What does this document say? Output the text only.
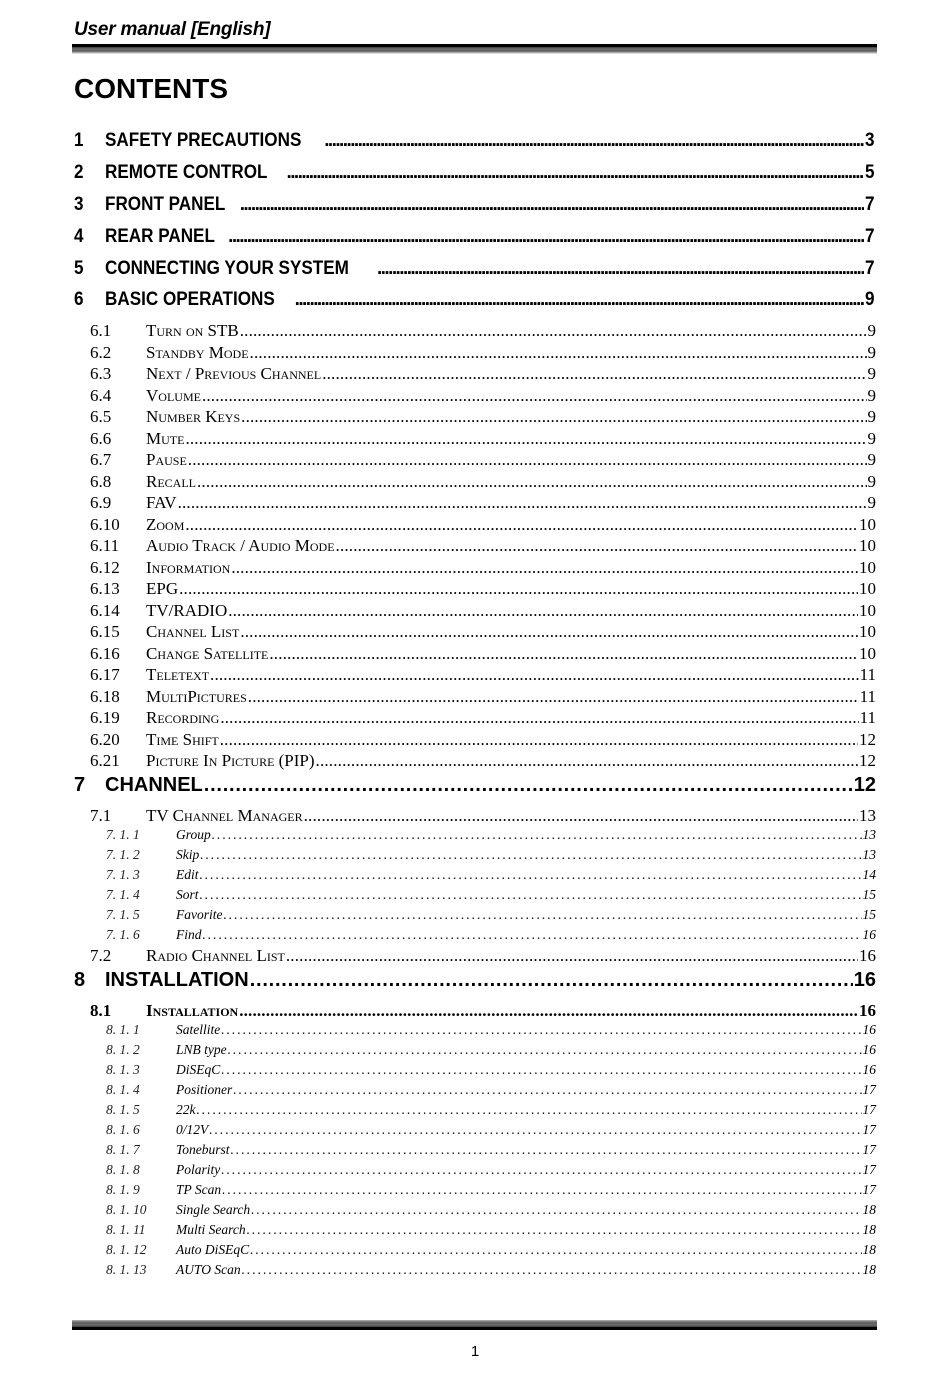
User manual [English]
CONTENTS
1	SAFETY PRECAUTIONS . . .	3
2	REMOTE CONTROL . . .	5
3	FRONT PANEL . . .	7
4	REAR PANEL . . .	7
5	CONNECTING YOUR SYSTEM . . .	7
6	BASIC OPERATIONS . . .	9
6.1	Turn on STB . . .	9
6.2	Standby Mode . . .	9
6.3	Next / Previous Channel . . .	9
6.4	Volume . . .	9
6.5	Number Keys . . .	9
6.6	Mute . . .	9
6.7	Pause . . .	9
6.8	Recall . . .	9
6.9	FAV . . .	9
6.10	Zoom . . .	10
6.11	Audio Track / Audio Mode . . .	10
6.12	Information . . .	10
6.13	EPG . . .	10
6.14	TV/RADIO . . .	10
6.15	Channel List . . .	10
6.16	Change Satellite . . .	10
6.17	Teletext . . .	11
6.18	MultiPictures . . .	11
6.19	Recording . . .	11
6.20	Time Shift . . .	12
6.21	Picture In Picture (PIP) . . .	12
7 CHANNEL . . .	12
7.1	TV Channel Manager . . .	13
7. 1. 1	Group . . .	13
7. 1. 2	Skip . . .	13
7. 1. 3	Edit . . .	14
7. 1. 4	Sort . . .	15
7. 1. 5	Favorite . . .	15
7. 1. 6	Find . . .	16
7.2	Radio Channel List . . .	16
8 INSTALLATION . . .	16
8.1	Installation . . .	16
8. 1. 1	Satellite . . .	16
8. 1. 2	LNB type . . .	16
8. 1. 3	DiSEqC . . .	16
8. 1. 4	Positioner . . .	17
8. 1. 5	22k . . .	17
8. 1. 6	0/12V . . .	17
8. 1. 7	Toneburst . . .	17
8. 1. 8	Polarity . . .	17
8. 1. 9	TP Scan . . .	17
8. 1. 10	Single Search . . .	18
8. 1. 11	Multi Search . . .	18
8. 1. 12	Auto DiSEqC . . .	18
8. 1. 13	AUTO Scan . . .	18
1
